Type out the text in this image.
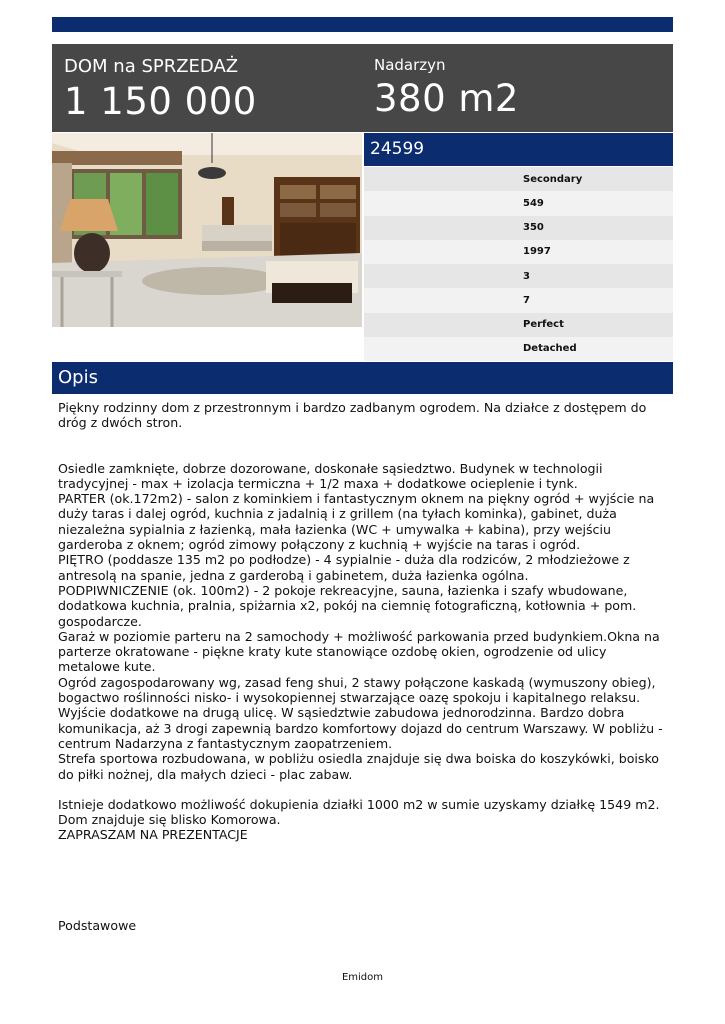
DOM na SPRZEDAŻ
1 150 000
Nadarzyn
380 m2
24599
Secondary
549
350
1997
3
7
Perfect
Detached
Opis

Piękny rodzinny dom z przestronnym i bardzo zadbanym ogrodem. Na działce z dostępem do dróg z dwóch stron.

Osiedle zamknięte, dobrze dozorowane, doskonałe sąsiedztwo. Budynek w technologii tradycyjnej - max + izolacja termiczna + 1/2 maxa + dodatkowe ocieplenie i tynk.

PARTER (ok.172m2) - salon z kominkiem i fantastycznym oknem na piękny ogród + wyjście na duży taras i dalej ogród, kuchnia z jadalnią i z grillem (na tyłach kominka), gabinet, duża niezależna sypialnia z łazienką, mała łazienka (WC + umywalka + kabina), przy wejściu garderoba z oknem; ogród zimowy połączony z kuchnią + wyjście na taras i ogród.

PIĘTRO (poddasze 135 m2 po podłodze) - 4 sypialnie - duża dla rodziców, 2 młodzieżowe z antresolą na spanie, jedna z garderobą i gabinetem, duża łazienka ogólna.

PODPIWNICZENIE (ok. 100m2) - 2 pokoje rekreacyjne, sauna, łazienka i szafy wbudowane, dodatkowa kuchnia, pralnia, spiżarnia x2, pokój na ciemnię fotograficzną, kotłownia + pom. gospodarcze.

Garaż w poziomie parteru na 2 samochody + możliwość parkowania przed budynkiem.Okna na parterze okratowane - piękne kraty kute stanowiące ozdobę okien, ogrodzenie od ulicy metalowe kute.

Ogród zagospodarowany wg, zasad feng shui, 2 stawy połączone kaskadą (wymuszony obieg), bogactwo roślinności nisko- i wysokopiennej stwarzające oazę spokoju i kapitalnego relaksu.

Wyjście dodatkowe na drugą ulicę. W sąsiedztwie zabudowa jednorodzinna. Bardzo dobra komunikacja, aż 3 drogi zapewnią bardzo komfortowy dojazd do centrum Warszawy. W pobliżu - centrum Nadarzyna z fantastycznym zaopatrzeniem.

Strefa sportowa rozbudowana, w pobliżu osiedla znajduje się dwa boiska do koszykówki, boisko do piłki nożnej, dla małych dzieci - plac zabaw.

Istnieje dodatkowo możliwość dokupienia działki 1000 m2 w sumie uzyskamy działkę 1549 m2.

Dom znajduje się blisko Komorowa.

ZAPRASZAM NA PREZENTACJE

Podstawowe
Emidom
